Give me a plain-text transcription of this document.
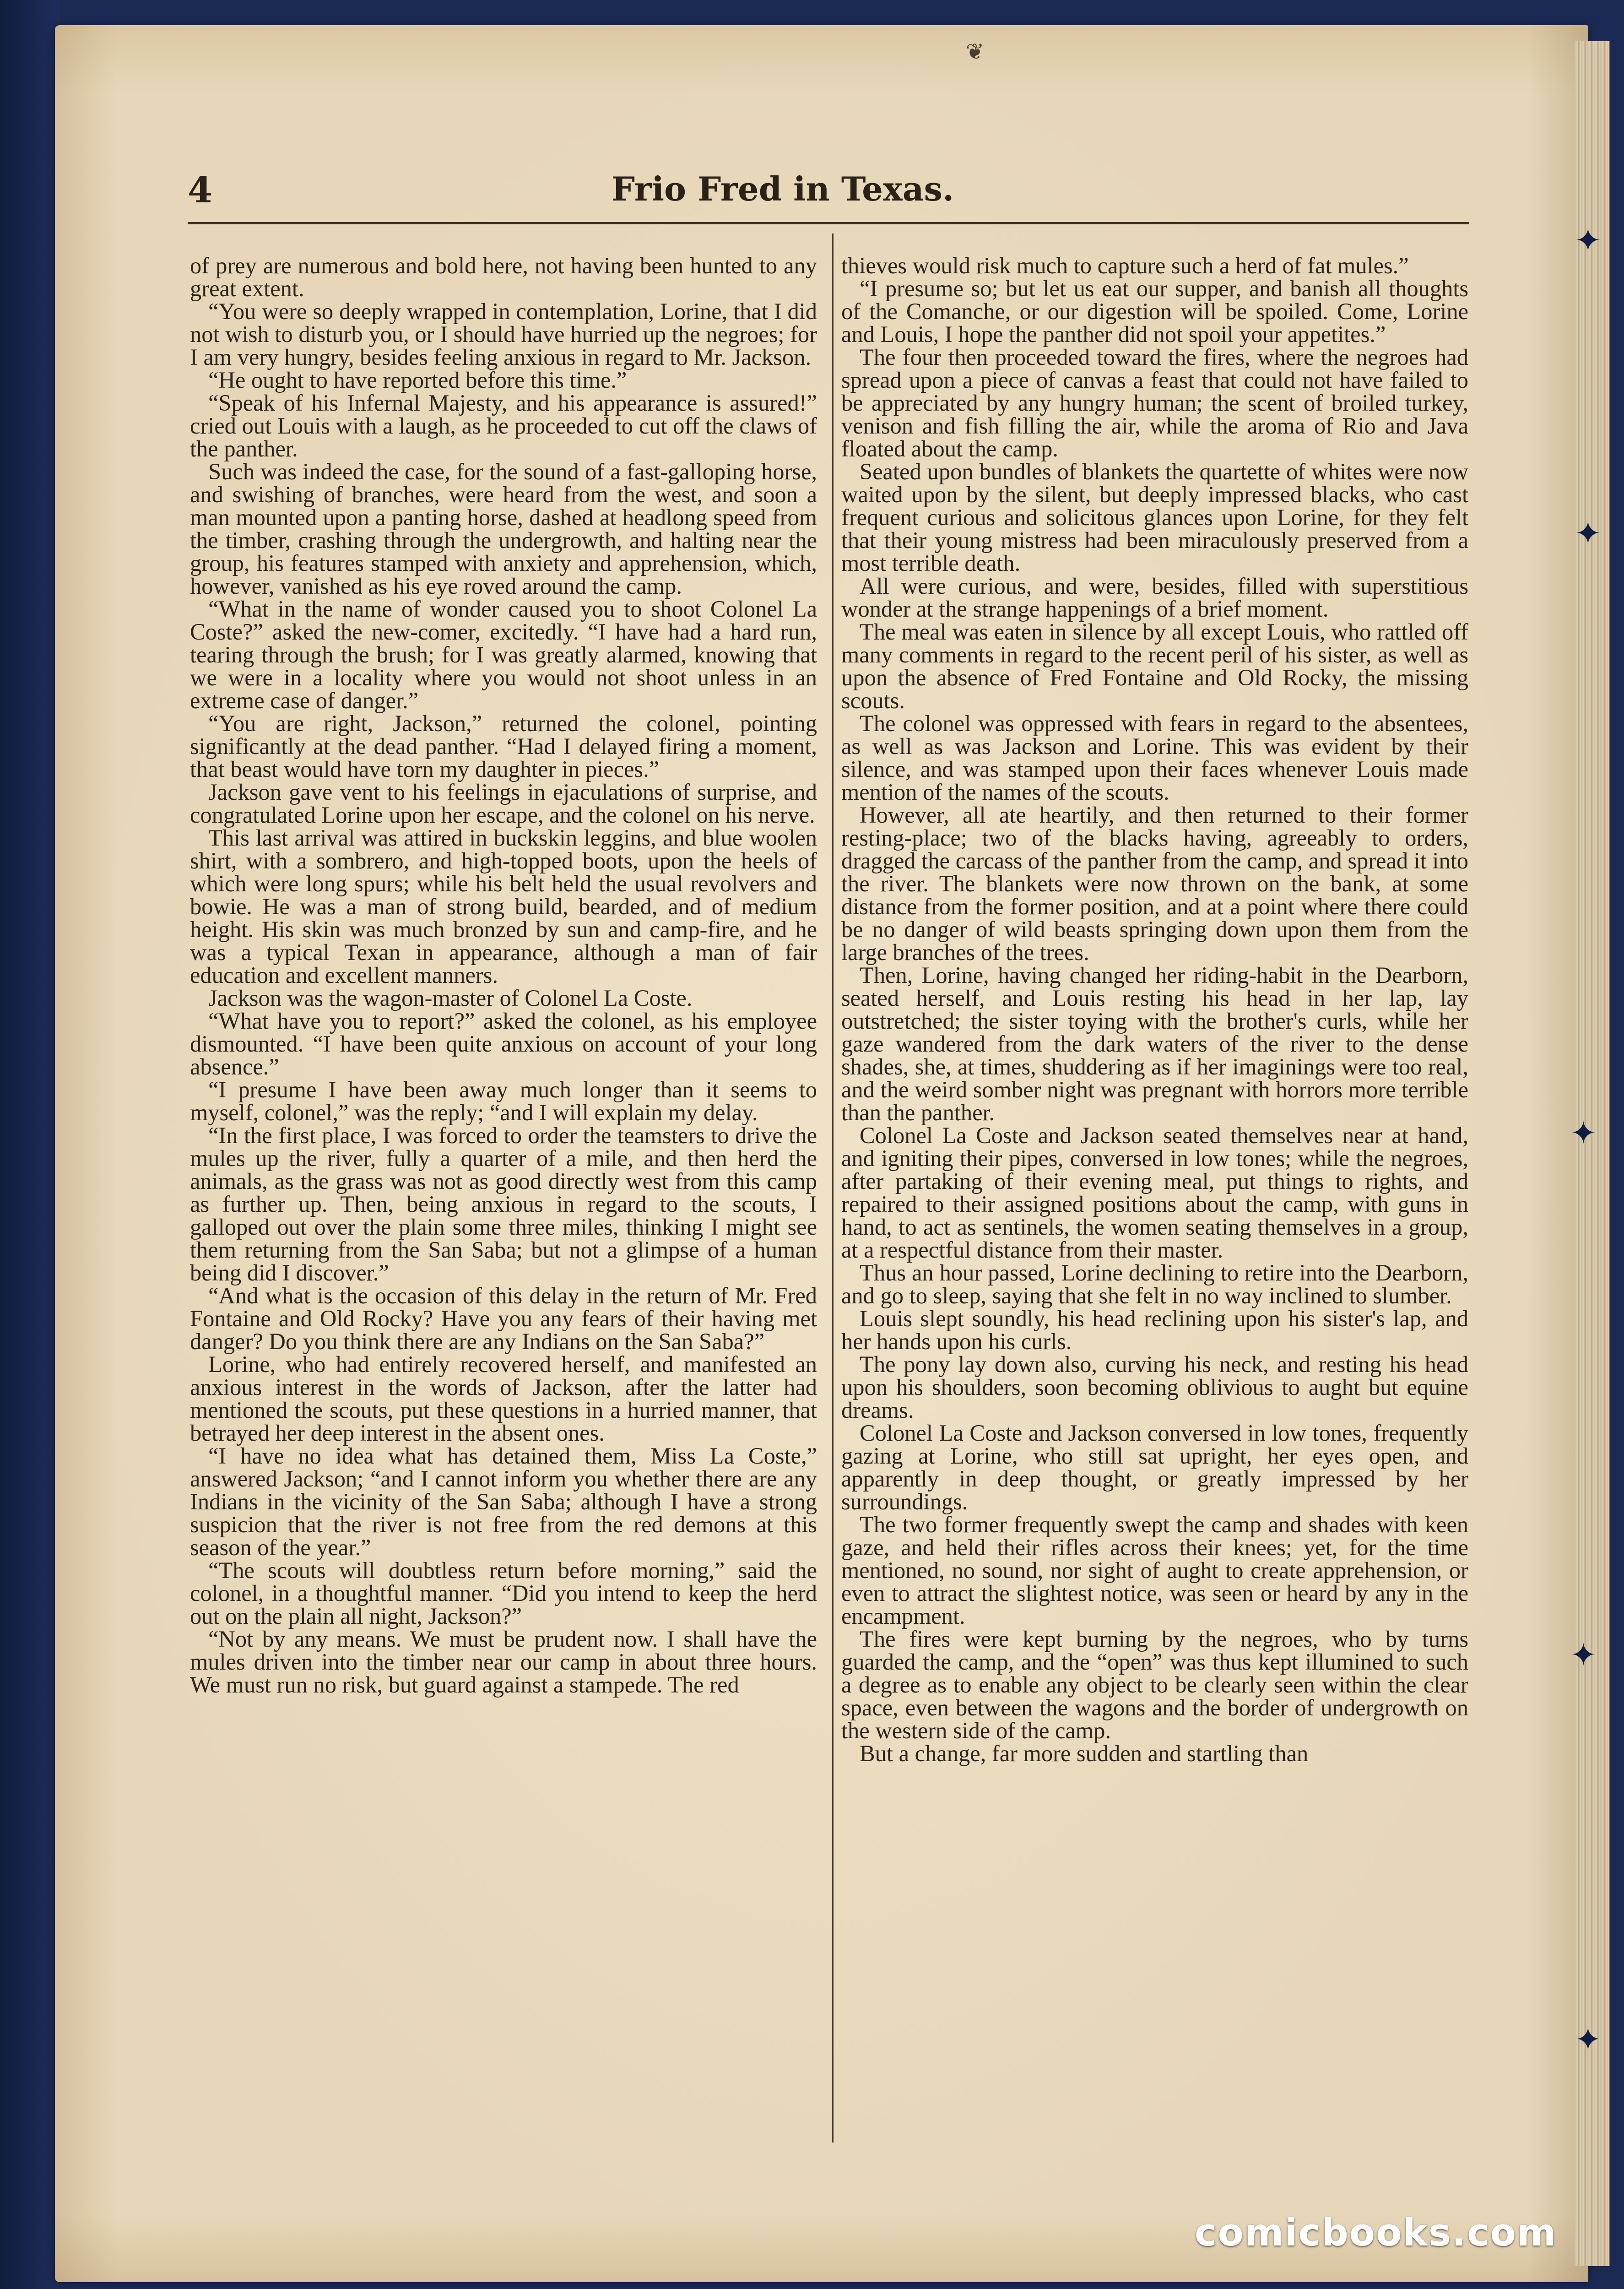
✦
✦
✦
✦
✦
❦
4	Frio Fred in Texas.

of prey are numerous and bold here, not having been hunted to any great extent.

“You were so deeply wrapped in contemplation, Lorine, that I did not wish to disturb you, or I should have hurried up the negroes; for I am very hungry, besides feeling anxious in regard to Mr. Jackson.

“He ought to have reported before this time.”

“Speak of his Infernal Majesty, and his appearance is assured!” cried out Louis with a laugh, as he proceeded to cut off the claws of the panther.

Such was indeed the case, for the sound of a fast-galloping horse, and swishing of branches, were heard from the west, and soon a man mounted upon a panting horse, dashed at headlong speed from the timber, crashing through the undergrowth, and halting near the group, his features stamped with anxiety and apprehension, which, however, vanished as his eye roved around the camp.

“What in the name of wonder caused you to shoot Colonel La Coste?” asked the new-comer, excitedly. “I have had a hard run, tearing through the brush; for I was greatly alarmed, knowing that we were in a locality where you would not shoot unless in an extreme case of danger.”

“You are right, Jackson,” returned the colonel, pointing significantly at the dead panther. “Had I delayed firing a moment, that beast would have torn my daughter in pieces.”

Jackson gave vent to his feelings in ejaculations of surprise, and congratulated Lorine upon her escape, and the colonel on his nerve.

This last arrival was attired in buckskin leggins, and blue woolen shirt, with a sombrero, and high-topped boots, upon the heels of which were long spurs; while his belt held the usual revolvers and bowie. He was a man of strong build, bearded, and of medium height. His skin was much bronzed by sun and camp-fire, and he was a typical Texan in appearance, although a man of fair education and excellent manners.

Jackson was the wagon-master of Colonel La Coste.

“What have you to report?” asked the colonel, as his employee dismounted. “I have been quite anxious on account of your long absence.”

“I presume I have been away much longer than it seems to myself, colonel,” was the reply; “and I will explain my delay.

“In the first place, I was forced to order the teamsters to drive the mules up the river, fully a quarter of a mile, and then herd the animals, as the grass was not as good directly west from this camp as further up. Then, being anxious in regard to the scouts, I galloped out over the plain some three miles, thinking I might see them returning from the San Saba; but not a glimpse of a human being did I discover.”

“And what is the occasion of this delay in the return of Mr. Fred Fontaine and Old Rocky? Have you any fears of their having met danger? Do you think there are any Indians on the San Saba?”

Lorine, who had entirely recovered herself, and manifested an anxious interest in the words of Jackson, after the latter had mentioned the scouts, put these questions in a hurried manner, that betrayed her deep interest in the absent ones.

“I have no idea what has detained them, Miss La Coste,” answered Jackson; “and I cannot inform you whether there are any Indians in the vicinity of the San Saba; although I have a strong suspicion that the river is not free from the red demons at this season of the year.”

“The scouts will doubtless return before morning,” said the colonel, in a thoughtful manner. “Did you intend to keep the herd out on the plain all night, Jackson?”

“Not by any means. We must be prudent now. I shall have the mules driven into the timber near our camp in about three hours. We must run no risk, but guard against a stampede. The red

thieves would risk much to capture such a herd of fat mules.”

“I presume so; but let us eat our supper, and banish all thoughts of the Comanche, or our digestion will be spoiled. Come, Lorine and Louis, I hope the panther did not spoil your appetites.”

The four then proceeded toward the fires, where the negroes had spread upon a piece of canvas a feast that could not have failed to be appreciated by any hungry human; the scent of broiled turkey, venison and fish filling the air, while the aroma of Rio and Java floated about the camp.

Seated upon bundles of blankets the quartette of whites were now waited upon by the silent, but deeply impressed blacks, who cast frequent curious and solicitous glances upon Lorine, for they felt that their young mistress had been miraculously preserved from a most terrible death.

All were curious, and were, besides, filled with superstitious wonder at the strange happenings of a brief moment.

The meal was eaten in silence by all except Louis, who rattled off many comments in regard to the recent peril of his sister, as well as upon the absence of Fred Fontaine and Old Rocky, the missing scouts.

The colonel was oppressed with fears in regard to the absentees, as well as was Jackson and Lorine. This was evident by their silence, and was stamped upon their faces whenever Louis made mention of the names of the scouts.

However, all ate heartily, and then returned to their former resting-place; two of the blacks having, agreeably to orders, dragged the carcass of the panther from the camp, and spread it into the river. The blankets were now thrown on the bank, at some distance from the former position, and at a point where there could be no danger of wild beasts springing down upon them from the large branches of the trees.

Then, Lorine, having changed her riding-habit in the Dearborn, seated herself, and Louis resting his head in her lap, lay outstretched; the sister toying with the brother's curls, while her gaze wandered from the dark waters of the river to the dense shades, she, at times, shuddering as if her imaginings were too real, and the weird somber night was pregnant with horrors more terrible than the panther.

Colonel La Coste and Jackson seated themselves near at hand, and igniting their pipes, conversed in low tones; while the negroes, after partaking of their evening meal, put things to rights, and repaired to their assigned positions about the camp, with guns in hand, to act as sentinels, the women seating themselves in a group, at a respectful distance from their master.

Thus an hour passed, Lorine declining to retire into the Dearborn, and go to sleep, saying that she felt in no way inclined to slumber.

Louis slept soundly, his head reclining upon his sister's lap, and her hands upon his curls.

The pony lay down also, curving his neck, and resting his head upon his shoulders, soon becoming oblivious to aught but equine dreams.

Colonel La Coste and Jackson conversed in low tones, frequently gazing at Lorine, who still sat upright, her eyes open, and apparently in deep thought, or greatly impressed by her surroundings.

The two former frequently swept the camp and shades with keen gaze, and held their rifles across their knees; yet, for the time mentioned, no sound, nor sight of aught to create apprehension, or even to attract the slightest notice, was seen or heard by any in the encampment.

The fires were kept burning by the negroes, who by turns guarded the camp, and the “open” was thus kept illumined to such a degree as to enable any object to be clearly seen within the clear space, even between the wagons and the border of undergrowth on the western side of the camp.

But a change, far more sudden and startling than

comicbooks.com
